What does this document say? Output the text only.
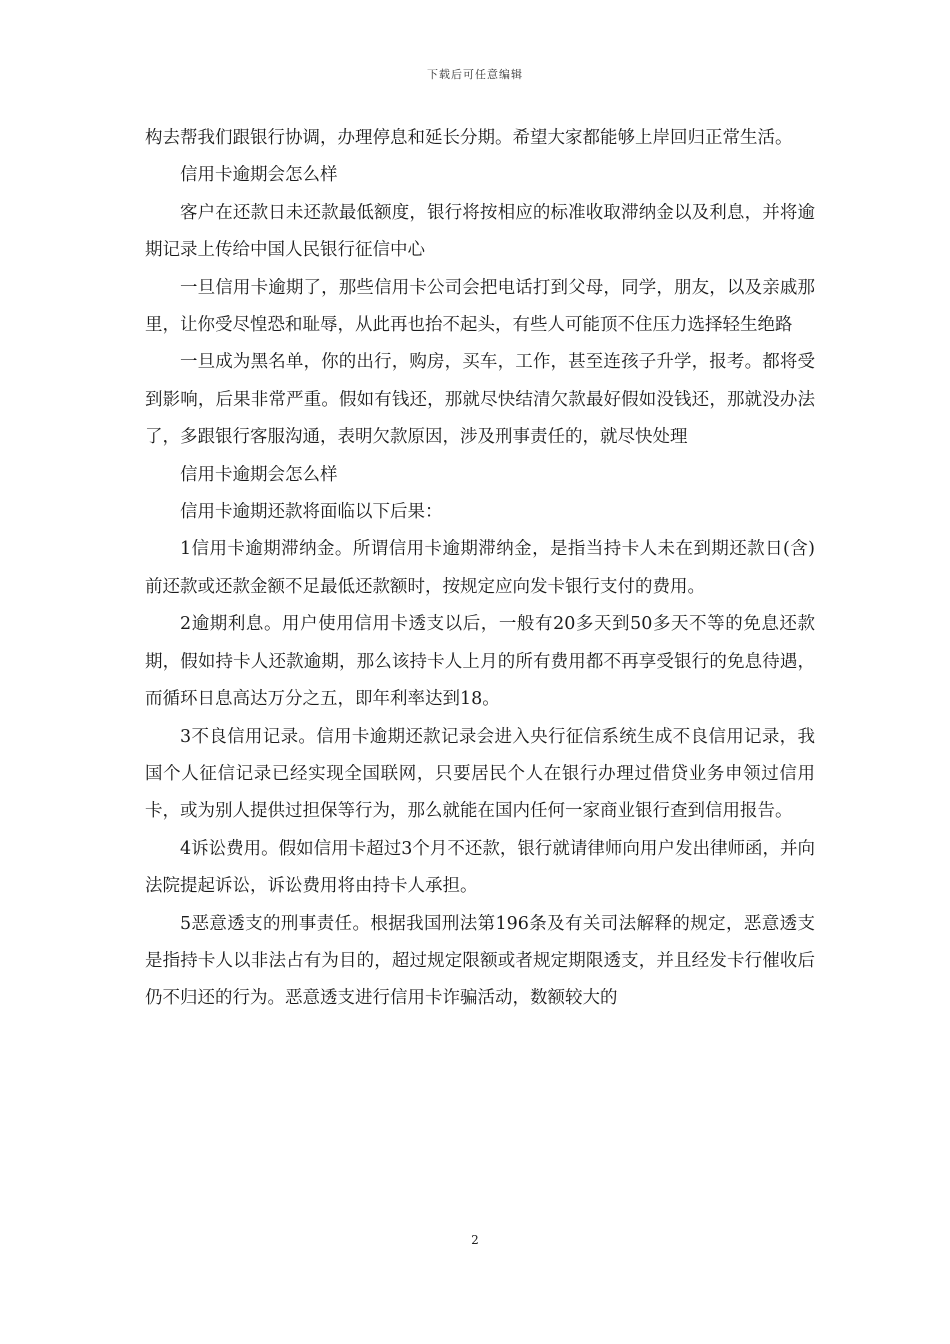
下载后可任意编辑

构去帮我们跟银行协调，办理停息和延长分期。希望大家都能够上岸回归正常生活。

信用卡逾期会怎么样

客户在还款日未还款最低额度，银行将按相应的标准收取滞纳金以及利息，并将逾期记录上传给中国人民银行征信中心

一旦信用卡逾期了，那些信用卡公司会把电话打到父母，同学，朋友，以及亲戚那里，让你受尽惶恐和耻辱，从此再也抬不起头，有些人可能顶不住压力选择轻生绝路

一旦成为黑名单，你的出行，购房，买车，工作，甚至连孩子升学，报考。都将受到影响，后果非常严重。假如有钱还，那就尽快结清欠款最好假如没钱还，那就没办法了，多跟银行客服沟通，表明欠款原因，涉及刑事责任的，就尽快处理

信用卡逾期会怎么样

信用卡逾期还款将面临以下后果：

1信用卡逾期滞纳金。所谓信用卡逾期滞纳金，是指当持卡人未在到期还款日(含)前还款或还款金额不足最低还款额时，按规定应向发卡银行支付的费用。

2逾期利息。用户使用信用卡透支以后，一般有20多天到50多天不等的免息还款期，假如持卡人还款逾期，那么该持卡人上月的所有费用都不再享受银行的免息待遇，而循环日息高达万分之五，即年利率达到18。

3不良信用记录。信用卡逾期还款记录会进入央行征信系统生成不良信用记录，我国个人征信记录已经实现全国联网，只要居民个人在银行办理过借贷业务申领过信用卡，或为别人提供过担保等行为，那么就能在国内任何一家商业银行查到信用报告。

4诉讼费用。假如信用卡超过3个月不还款，银行就请律师向用户发出律师函，并向法院提起诉讼，诉讼费用将由持卡人承担。

5恶意透支的刑事责任。根据我国刑法第196条及有关司法解释的规定，恶意透支是指持卡人以非法占有为目的，超过规定限额或者规定期限透支，并且经发卡行催收后仍不归还的行为。恶意透支进行信用卡诈骗活动，数额较大的

2
